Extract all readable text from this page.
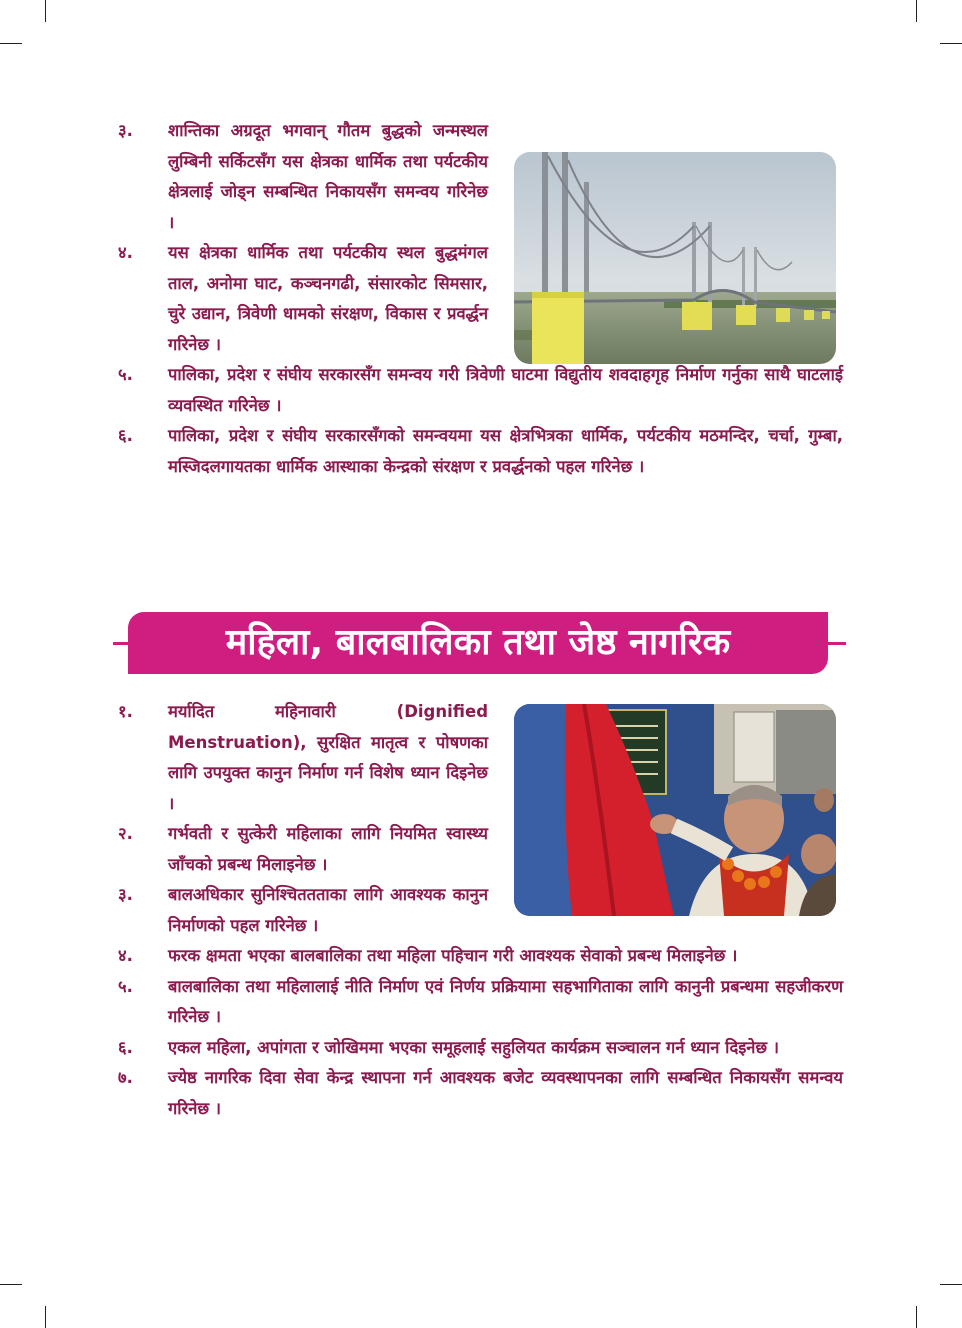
३. शान्तिका अग्रदूत भगवान् गौतम बुद्धको जन्मस्थल लुम्बिनी सर्किटसँग यस क्षेत्रका धार्मिक तथा पर्यटकीय क्षेत्रलाई जोड्न सम्बन्धित निकायसँग समन्वय गरिनेछ ।
४. यस क्षेत्रका धार्मिक तथा पर्यटकीय स्थल बुद्धमंगल ताल, अनोमा घाट, कञ्चनगढी, संसारकोट सिमसार, चुरे उद्यान, त्रिवेणी धामको संरक्षण, विकास र प्रवर्द्धन गरिनेछ ।
५. पालिका, प्रदेश र संघीय सरकारसँग समन्वय गरी त्रिवेणी घाटमा विद्युतीय शवदाहगृह निर्माण गर्नुका साथै घाटलाई व्यवस्थित गरिनेछ ।
६. पालिका, प्रदेश र संघीय सरकारसँगको समन्वयमा यस क्षेत्रभित्रका धार्मिक, पर्यटकीय मठमन्दिर, चर्चा, गुम्बा, मस्जिदलगायतका धार्मिक आस्थाका केन्द्रको संरक्षण र प्रवर्द्धनको पहल गरिनेछ ।
महिला, बालबालिका तथा जेष्ठ नागरिक
१. मर्यादित महिनावारी (Dignified Menstruation), सुरक्षित मातृत्व र पोषणका लागि उपयुक्त कानुन निर्माण गर्न विशेष ध्यान दिइनेछ ।
२. गर्भवती र सुत्केरी महिलाका लागि नियमित स्वास्थ्य जाँचको प्रबन्ध मिलाइनेछ ।
३. बालअधिकार सुनिश्चिततताका लागि आवश्यक कानुन निर्माणको पहल गरिनेछ ।
४. फरक क्षमता भएका बालबालिका तथा महिला पहिचान गरी आवश्यक सेवाको प्रबन्ध मिलाइनेछ ।
५. बालबालिका तथा महिलालाई नीति निर्माण एवं निर्णय प्रक्रियामा सहभागिताका लागि कानुनी प्रबन्धमा सहजीकरण गरिनेछ ।
६. एकल महिला, अपांगता र जोखिममा भएका समूहलाई सहुलियत कार्यक्रम सञ्चालन गर्न ध्यान दिइनेछ ।
७. ज्येष्ठ नागरिक दिवा सेवा केन्द्र स्थापना गर्न आवश्यक बजेट व्यवस्थापनका लागि सम्बन्धित निकायसँग समन्वय गरिनेछ ।
